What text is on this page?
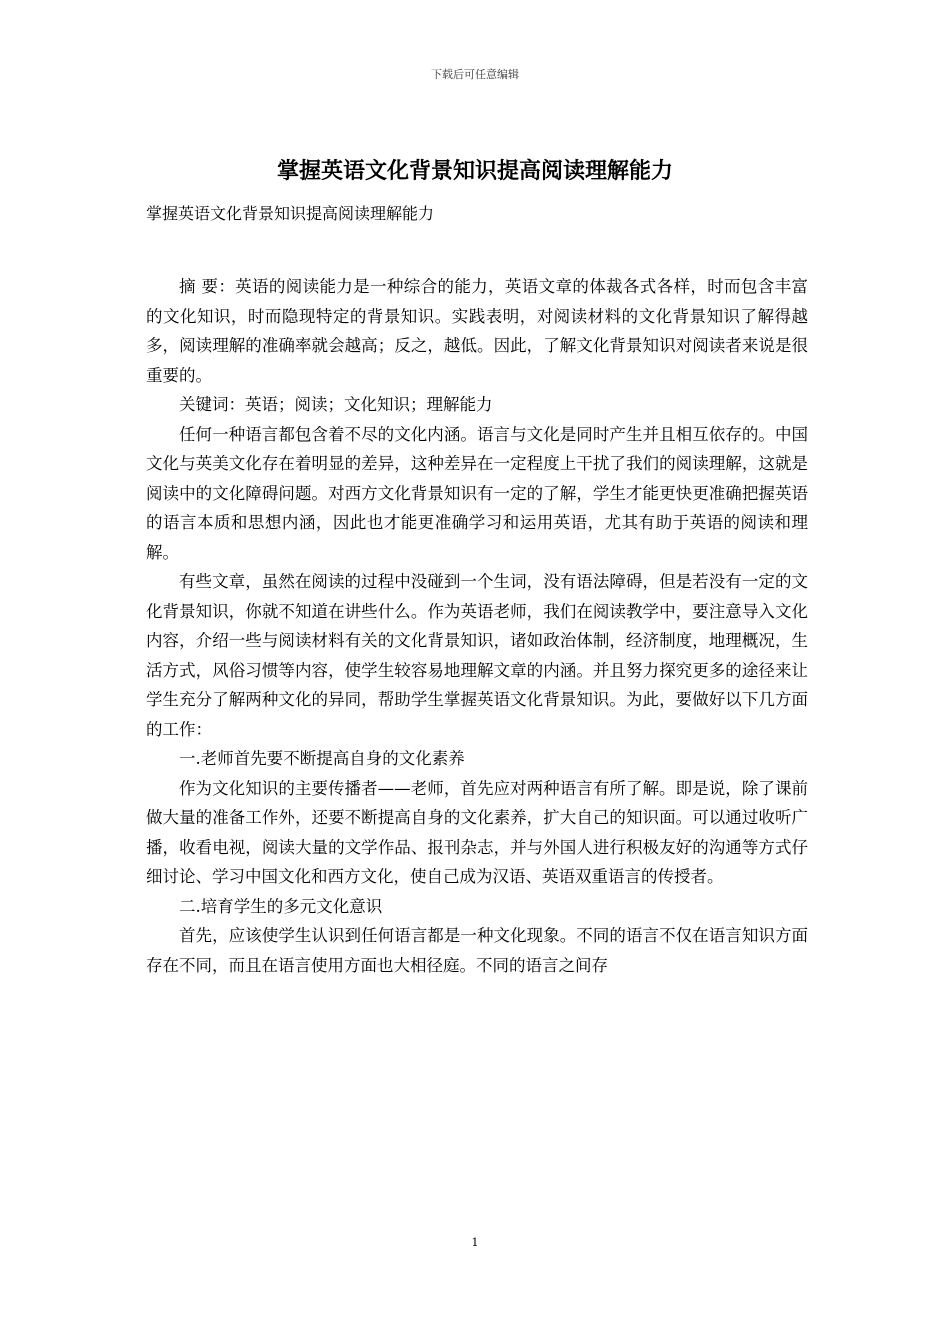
下载后可任意编辑
掌握英语文化背景知识提高阅读理解能力

掌握英语文化背景知识提高阅读理解能力

摘 要：英语的阅读能力是一种综合的能力，英语文章的体裁各式各样，时而包含丰富的文化知识，时而隐现特定的背景知识。实践表明，对阅读材料的文化背景知识了解得越多，阅读理解的准确率就会越高；反之，越低。因此，了解文化背景知识对阅读者来说是很重要的。

关键词：英语；阅读；文化知识；理解能力

任何一种语言都包含着不尽的文化内涵。语言与文化是同时产生并且相互依存的。中国文化与英美文化存在着明显的差异，这种差异在一定程度上干扰了我们的阅读理解，这就是阅读中的文化障碍问题。对西方文化背景知识有一定的了解，学生才能更快更准确把握英语的语言本质和思想内涵，因此也才能更准确学习和运用英语，尤其有助于英语的阅读和理解。

有些文章，虽然在阅读的过程中没碰到一个生词，没有语法障碍，但是若没有一定的文化背景知识，你就不知道在讲些什么。作为英语老师，我们在阅读教学中，要注意导入文化内容，介绍一些与阅读材料有关的文化背景知识，诸如政治体制，经济制度，地理概况，生活方式，风俗习惯等内容，使学生较容易地理解文章的内涵。并且努力探究更多的途径来让学生充分了解两种文化的异同，帮助学生掌握英语文化背景知识。为此，要做好以下几方面的工作：

一.老师首先要不断提高自身的文化素养

作为文化知识的主要传播者——老师，首先应对两种语言有所了解。即是说，除了课前做大量的准备工作外，还要不断提高自身的文化素养，扩大自己的知识面。可以通过收听广播，收看电视，阅读大量的文学作品、报刊杂志，并与外国人进行积极友好的沟通等方式仔细讨论、学习中国文化和西方文化，使自己成为汉语、英语双重语言的传授者。

二.培育学生的多元文化意识

首先，应该使学生认识到任何语言都是一种文化现象。不同的语言不仅在语言知识方面存在不同，而且在语言使用方面也大相径庭。不同的语言之间存

1
